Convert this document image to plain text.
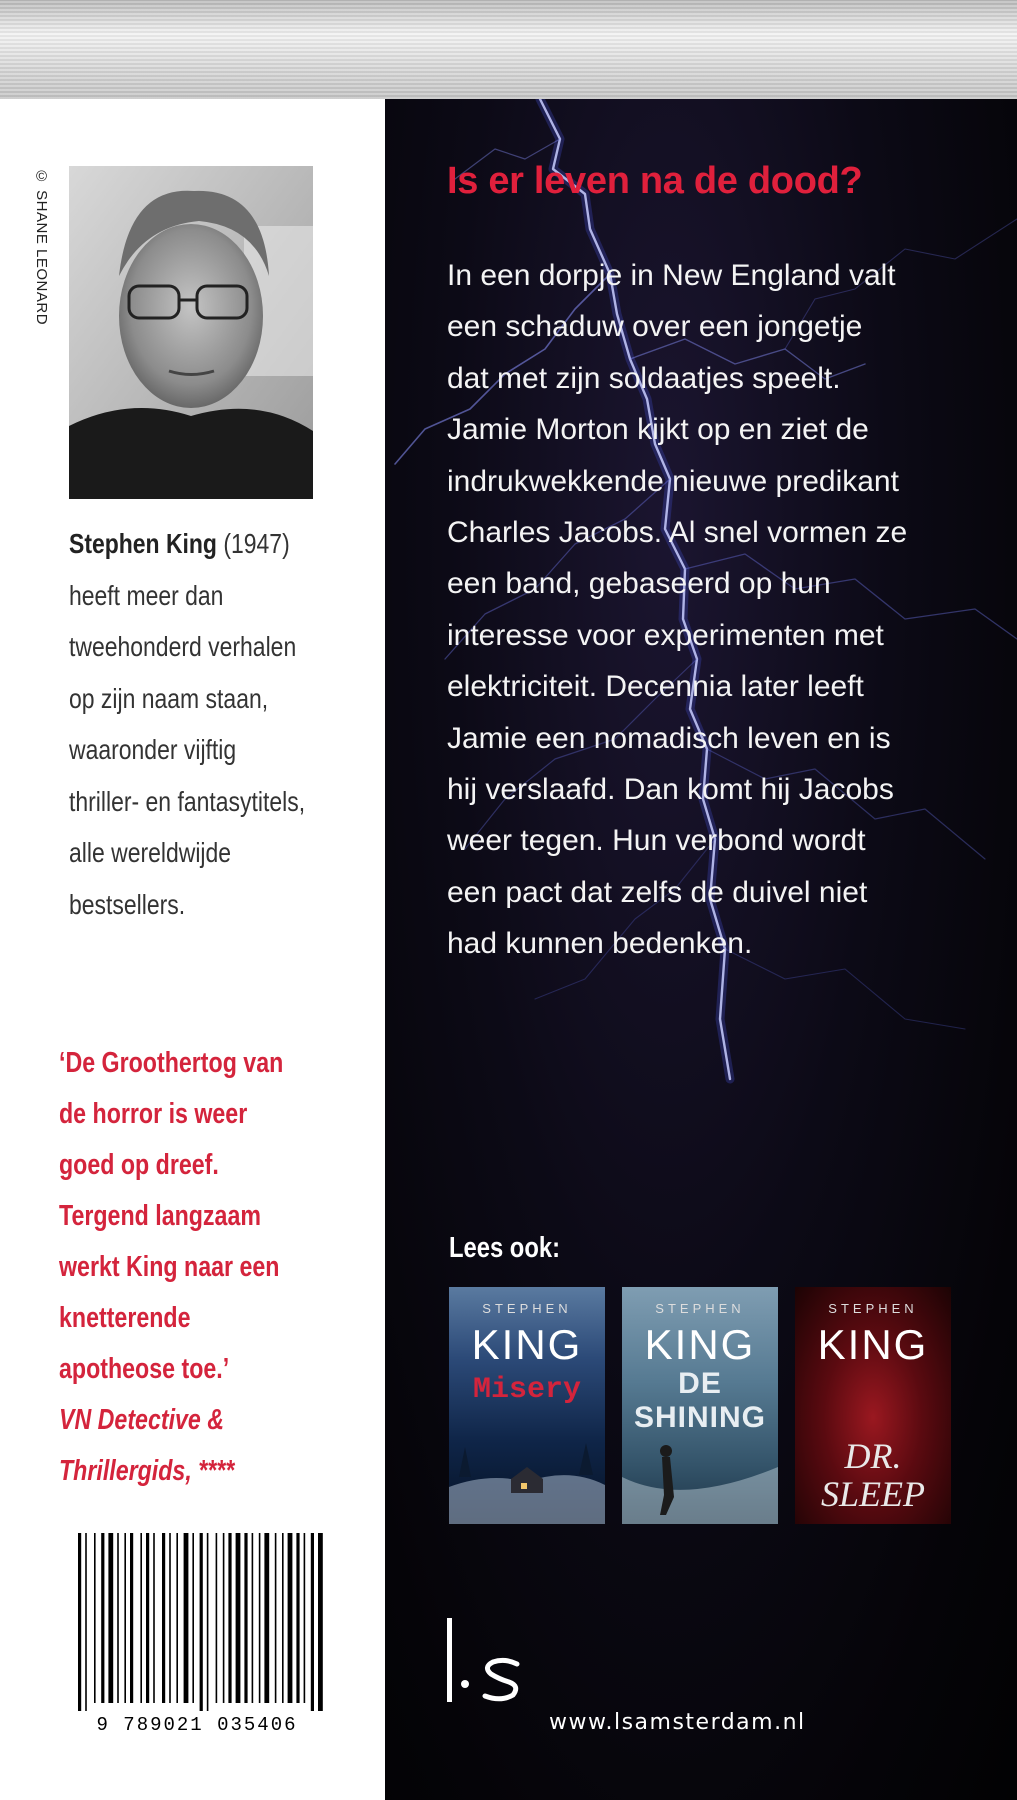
© SHANE LEONARD
Stephen King (1947)
heeft meer dan
tweehonderd verhalen
op zijn naam staan,
waaronder vijftig
thriller- en fantasytitels,
alle wereldwijde
bestsellers.
‘De Groothertog van
de horror is weer
goed op dreef.
Tergend langzaam
werkt King naar een
knetterende
apotheose toe.’
VN Detective &
Thrillergids, ****
9 789021 035406
Is er leven na de dood?
In een dorpje in New England valt
een schaduw over een jongetje
dat met zijn soldaatjes speelt.
Jamie Morton kijkt op en ziet de
indrukwekkende nieuwe predikant
Charles Jacobs. Al snel vormen ze
een band, gebaseerd op hun
interesse voor experimenten met
elektriciteit. Decennia later leeft
Jamie een nomadisch leven en is
hij verslaafd. Dan komt hij Jacobs
weer tegen. Hun verbond wordt
een pact dat zelfs de duivel niet
had kunnen bedenken.
Lees ook:
STEPHEN
KING
Misery
STEPHEN
KING
DE
SHINING
STEPHEN
KING
DR.
SLEEP
www.lsamsterdam.nl
